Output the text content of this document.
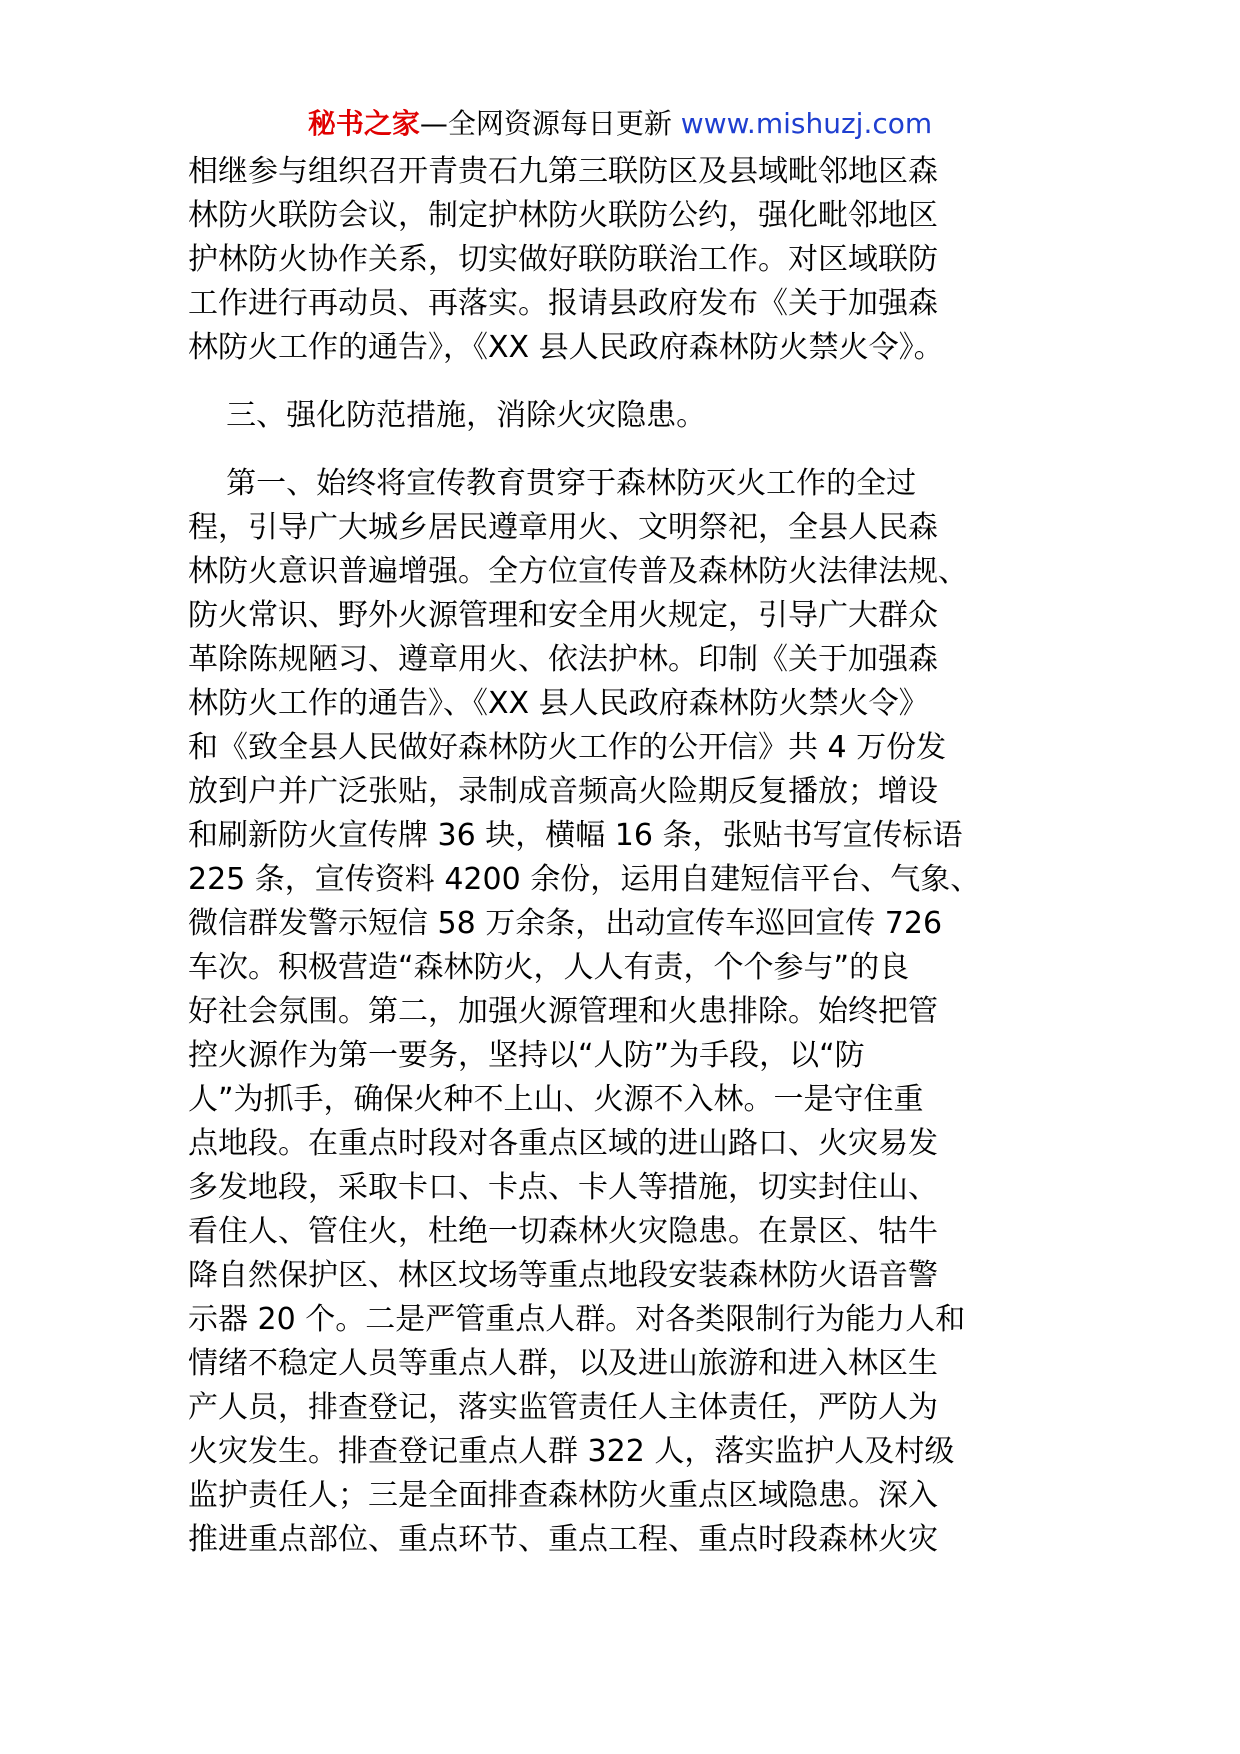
秘书之家—全网资源每日更新 www.mishuzj.com
相继参与组织召开青贵石九第三联防区及县域毗邻地区森
林防火联防会议，制定护林防火联防公约，强化毗邻地区
护林防火协作关系，切实做好联防联治工作。对区域联防
工作进行再动员、再落实。报请县政府发布《关于加强森
林防火工作的通告》，《XX 县人民政府森林防火禁火令》。
三、强化防范措施，消除火灾隐患。
第一、始终将宣传教育贯穿于森林防灭火工作的全过
程，引导广大城乡居民遵章用火、文明祭祀，全县人民森
林防火意识普遍增强。全方位宣传普及森林防火法律法规、
防火常识、野外火源管理和安全用火规定，引导广大群众
革除陈规陋习、遵章用火、依法护林。印制《关于加强森
林防火工作的通告》、《XX 县人民政府森林防火禁火令》
和《致全县人民做好森林防火工作的公开信》共 4 万份发
放到户并广泛张贴，录制成音频高火险期反复播放；增设
和刷新防火宣传牌 36 块，横幅 16 条，张贴书写宣传标语
225 条，宣传资料 4200 余份，运用自建短信平台、气象、
微信群发警示短信 58 万余条，出动宣传车巡回宣传 726
车次。积极营造“森林防火，人人有责，个个参与”的良
好社会氛围。第二，加强火源管理和火患排除。始终把管
控火源作为第一要务，坚持以“人防”为手段，以“防
人”为抓手，确保火种不上山、火源不入林。一是守住重
点地段。在重点时段对各重点区域的进山路口、火灾易发
多发地段，采取卡口、卡点、卡人等措施，切实封住山、
看住人、管住火，杜绝一切森林火灾隐患。在景区、牯牛
降自然保护区、林区坟场等重点地段安装森林防火语音警
示器 20 个。二是严管重点人群。对各类限制行为能力人和
情绪不稳定人员等重点人群，以及进山旅游和进入林区生
产人员，排查登记，落实监管责任人主体责任，严防人为
火灾发生。排查登记重点人群 322 人，落实监护人及村级
监护责任人；三是全面排查森林防火重点区域隐患。深入
推进重点部位、重点环节、重点工程、重点时段森林火灾
